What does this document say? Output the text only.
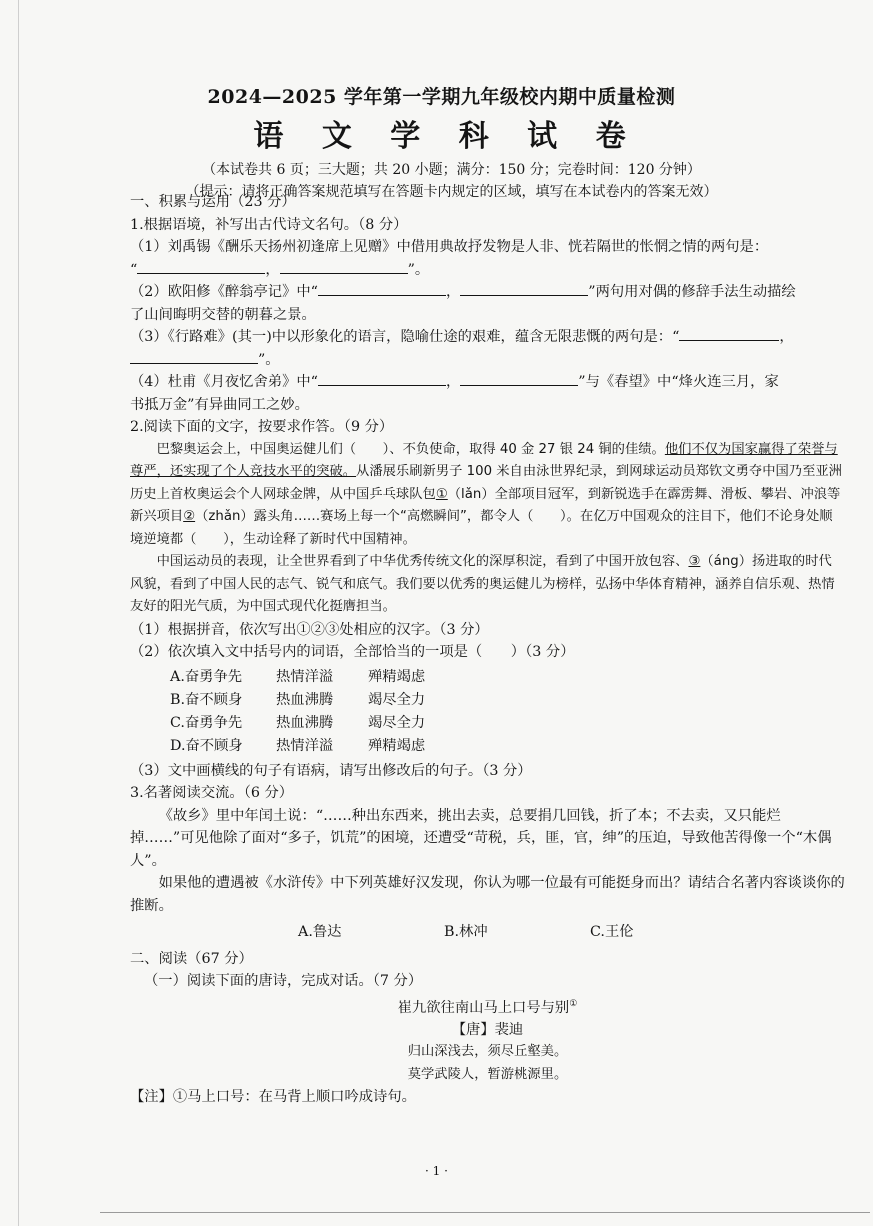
2024—2025 学年第一学期九年级校内期中质量检测
语 文 学 科 试 卷
（本试卷共 6 页；三大题；共 20 小题；满分：150 分；完卷时间：120 分钟）
（提示：请将正确答案规范填写在答题卡内规定的区域，填写在本试卷内的答案无效）

一、积累与运用（23 分）

1.根据语境，补写出古代诗文名句。（8 分）

（1）刘禹锡《酬乐天扬州初逢席上见赠》中借用典故抒发物是人非、恍若隔世的怅惘之情的两句是：

“	，	”。

（2）欧阳修《醉翁亭记》中“	，	”两句用对偶的修辞手法生动描绘

了山间晦明交替的朝暮之景。

（3）《行路难》(其一)中以形象化的语言，隐喻仕途的艰难，蕴含无限悲慨的两句是：“	，

”。

（4）杜甫《月夜忆舍弟》中“	，	”与《春望》中“烽火连三月，家

书抵万金”有异曲同工之妙。

2.阅读下面的文字，按要求作答。（9 分）

巴黎奥运会上，中国奥运健儿们（　　）、不负使命，取得 40 金 27 银 24 铜的佳绩。他们不仅为国家赢得了荣誉与尊严，还实现了个人竞技水平的突破。从潘展乐刷新男子 100 米自由泳世界纪录，到网球运动员郑钦文勇夺中国乃至亚洲历史上首枚奥运会个人网球金牌，从中国乒乓球队包①（lǎn）全部项目冠军，到新锐选手在霹雳舞、滑板、攀岩、冲浪等新兴项目②（zhǎn）露头角……赛场上每一个“高燃瞬间”，都令人（　　）。在亿万中国观众的注目下，他们不论身处顺境逆境都（　　），生动诠释了新时代中国精神。

中国运动员的表现，让全世界看到了中华优秀传统文化的深厚积淀，看到了中国开放包容、③（áng）扬进取的时代风貌，看到了中国人民的志气、锐气和底气。我们要以优秀的奥运健儿为榜样，弘扬中华体育精神，涵养自信乐观、热情友好的阳光气质，为中国式现代化挺膺担当。

（1）根据拼音，依次写出①②③处相应的汉字。（3 分）

（2）依次填入文中括号内的词语，全部恰当的一项是（　　）（3 分）

A.奋勇争先	热情洋溢	殚精竭虑
B.奋不顾身	热血沸腾	竭尽全力
C.奋勇争先	热血沸腾	竭尽全力
D.奋不顾身	热情洋溢	殚精竭虑

（3）文中画横线的句子有语病，请写出修改后的句子。（3 分）

3.名著阅读交流。（6 分）

《故乡》里中年闰土说：“……种出东西来，挑出去卖，总要捐几回钱，折了本；不去卖，又只能烂掉……”可见他除了面对“多子，饥荒”的困境，还遭受“苛税，兵，匪，官，绅”的压迫，导致他苦得像一个“木偶人”。

如果他的遭遇被《水浒传》中下列英雄好汉发现，你认为哪一位最有可能挺身而出？请结合名著内容谈谈你的推断。

A.鲁达	B.林冲	C.王伦

二、阅读（67 分）

（一）阅读下面的唐诗，完成对话。（7 分）

崔九欲往南山马上口号与别①

【唐】裴迪

归山深浅去，须尽丘壑美。

莫学武陵人，暂游桃源里。

【注】①马上口号：在马背上顺口吟成诗句。

· 1 ·
